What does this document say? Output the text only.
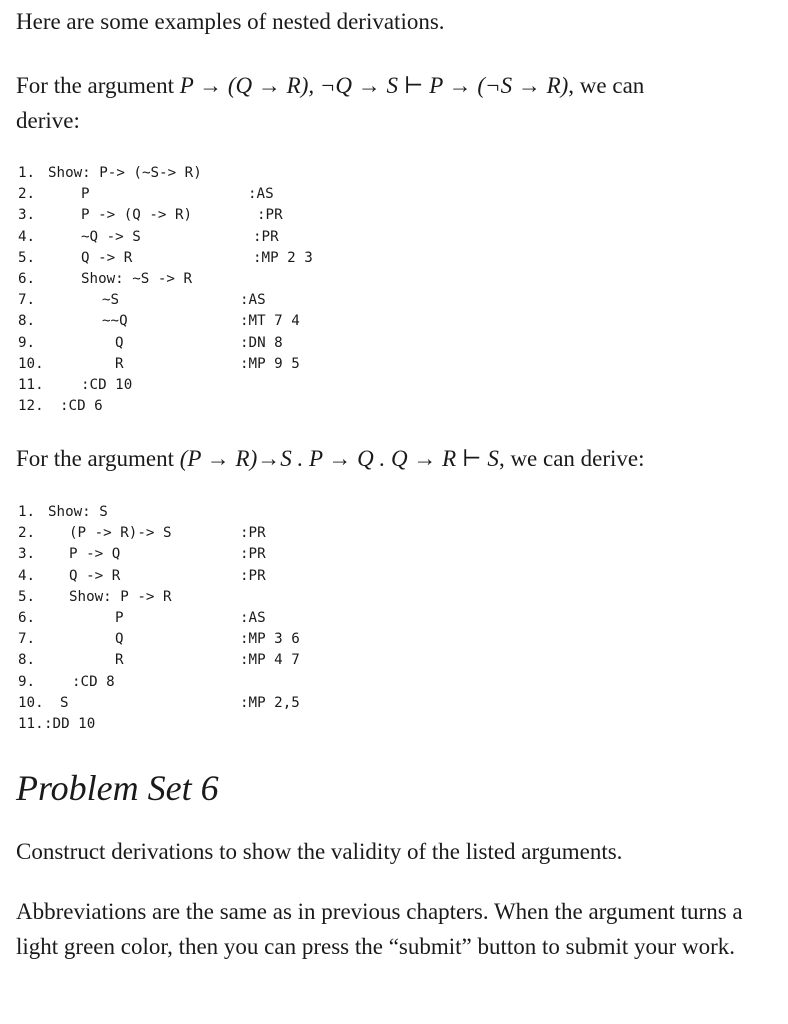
Here are some examples of nested derivations.

For the argument P → (Q → R), ¬Q → S ⊢ P → (¬S → R), we can
derive:

1. Show: P-> (~S-> R)
2.	P	:AS
3.	P -> (Q -> R)	:PR
4.	~Q -> S	:PR
5.	Q -> R	:MP 2 3
6.	Show: ~S -> R
7.	~S	:AS
8.	~~Q	:MT 7 4
9.	Q	:DN 8
10.	R	:MP 9 5
11.	:CD 10
12. :CD 6

For the argument (P → R)→S . P → Q . Q → R ⊢ S, we can derive:

1. Show: S
2. (P -> R)-> S	:PR
3. P -> Q	:PR
4. Q -> R	:PR
5. Show: P -> R
6.	P	:AS
7.	Q	:MP 3 6
8.	R	:MP 4 7
9.	:CD 8
10. S	:MP 2,5
11. :DD 10
Problem Set 6

Construct derivations to show the validity of the listed arguments.

Abbreviations are the same as in previous chapters. When the argument turns a light green color, then you can press the “submit” button to submit your work.
